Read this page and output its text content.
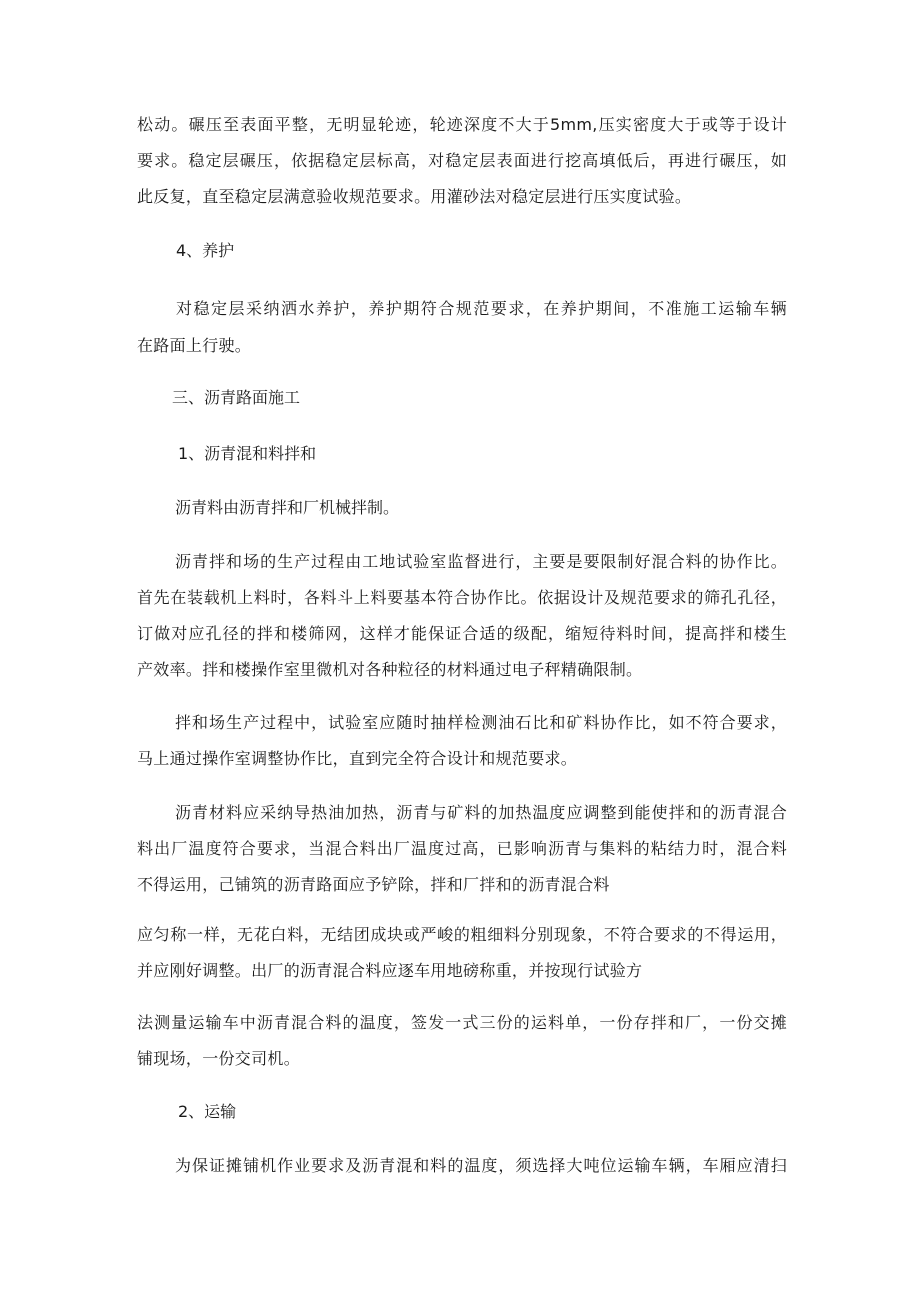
松动。碾压至表面平整，无明显轮迹，轮迹深度不大于5mm,压实密度大于或等于设计
要求。稳定层碾压，依据稳定层标高，对稳定层表面进行挖高填低后，再进行碾压，如
此反复，直至稳定层满意验收规范要求。用灌砂法对稳定层进行压实度试验。
4、养护
对稳定层采纳洒水养护，养护期符合规范要求，在养护期间，不准施工运输车辆
在路面上行驶。
三、沥青路面施工
1、沥青混和料拌和
沥青料由沥青拌和厂机械拌制。
沥青拌和场的生产过程由工地试验室监督进行，主要是要限制好混合料的协作比。
首先在装载机上料时，各料斗上料要基本符合协作比。依据设计及规范要求的筛孔孔径，
订做对应孔径的拌和楼筛网，这样才能保证合适的级配，缩短待料时间，提高拌和楼生
产效率。拌和楼操作室里微机对各种粒径的材料通过电子秤精确限制。
拌和场生产过程中，试验室应随时抽样检测油石比和矿料协作比，如不符合要求，
马上通过操作室调整协作比，直到完全符合设计和规范要求。
沥青材料应采纳导热油加热，沥青与矿料的加热温度应调整到能使拌和的沥青混合
料出厂温度符合要求，当混合料出厂温度过高，已影响沥青与集料的粘结力时，混合料
不得运用，己铺筑的沥青路面应予铲除，拌和厂拌和的沥青混合料
应匀称一样，无花白料，无结团成块或严峻的粗细料分别现象，不符合要求的不得运用，
并应刚好调整。出厂的沥青混合料应逐车用地磅称重，并按现行试验方
法测量运输车中沥青混合料的温度，签发一式三份的运料单，一份存拌和厂，一份交摊
铺现场，一份交司机。
2、运输
为保证摊铺机作业要求及沥青混和料的温度，须选择大吨位运输车辆，车厢应清扫
